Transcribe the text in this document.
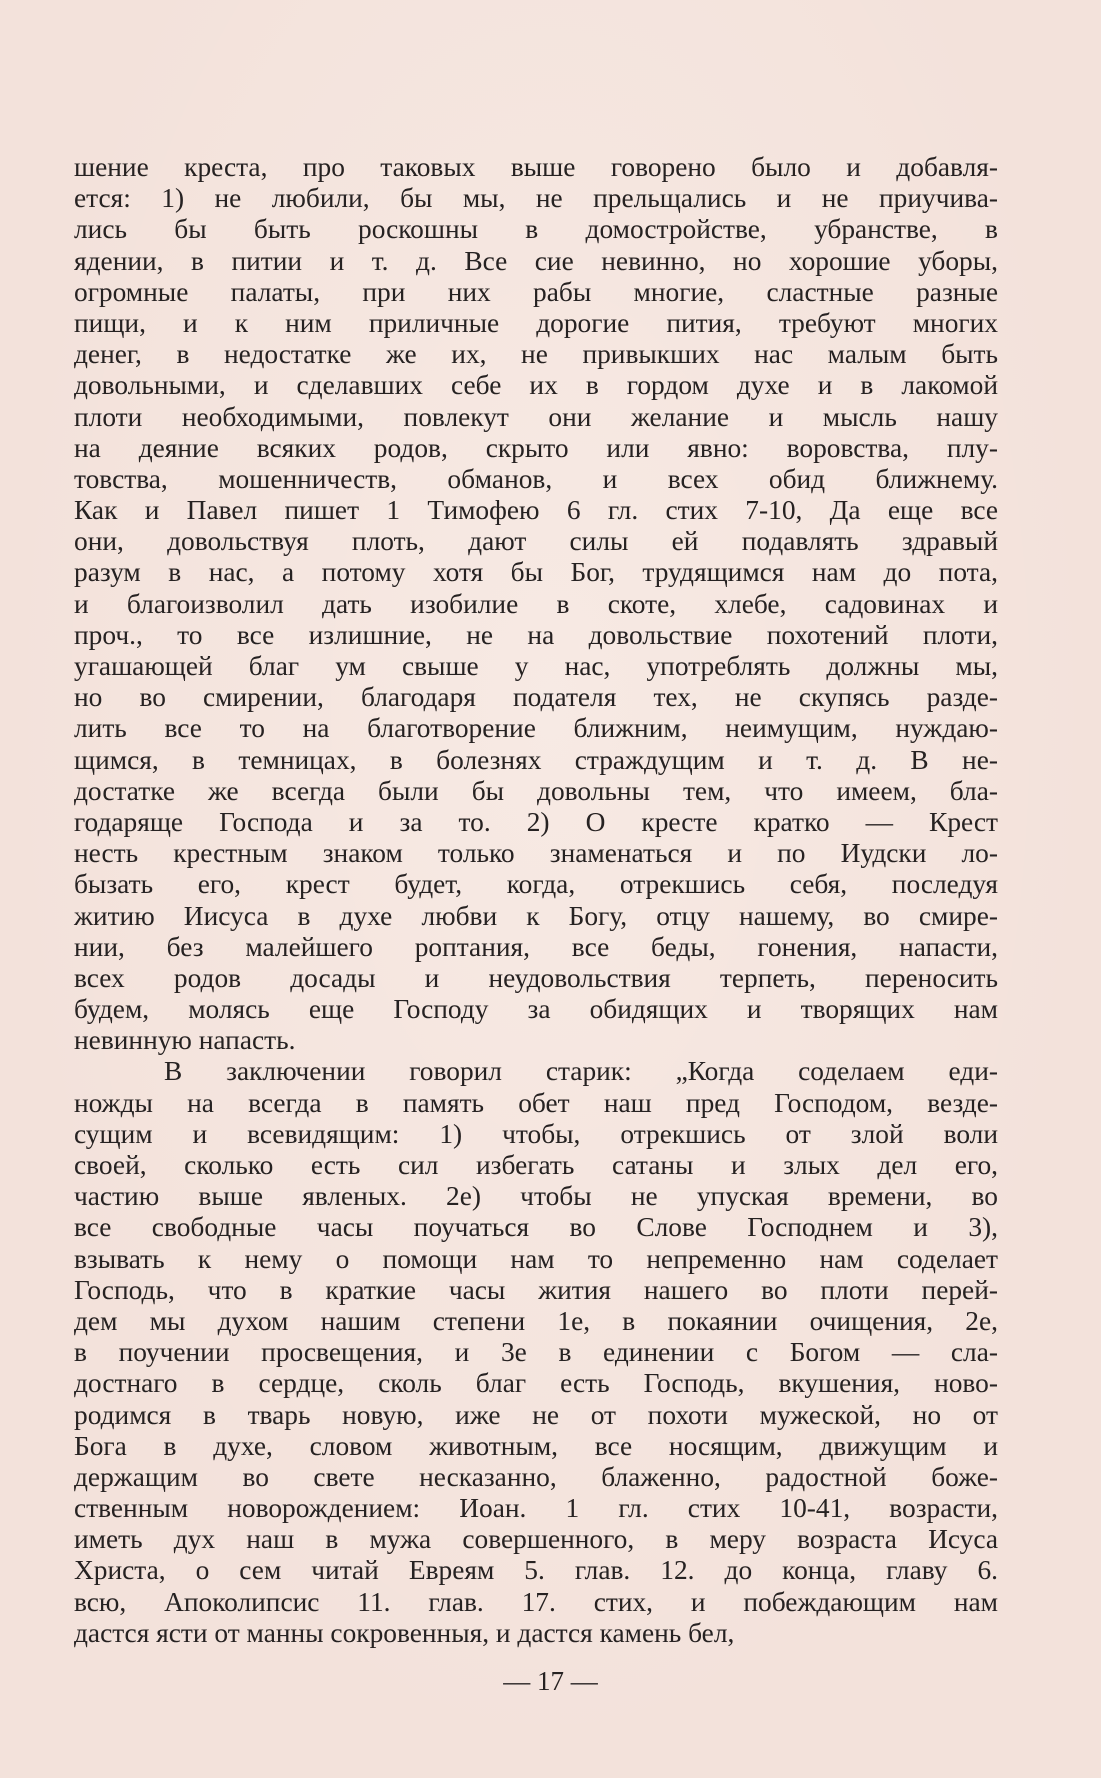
шение креста, про таковых выше говорено было и добавля-
ется: 1) не любили, бы мы, не прельщались и не приучива-
лись бы быть роскошны в домостройстве, убранстве, в
ядении, в питии и т. д. Все сие невинно, но хорошие уборы,
огромные палаты, при них рабы многие, сластные разные
пищи, и к ним приличные дорогие пития, требуют многих
денег, в недостатке же их, не привыкших нас малым быть
довольными, и сделавших себе их в гордом духе и в лакомой
плоти необходимыми, повлекут они желание и мысль нашу
на деяние всяких родов, скрыто или явно: воровства, плу-
товства, мошенничеств, обманов, и всех обид ближнему.
Как и Павел пишет 1 Тимофею 6 гл. стих 7-10, Да еще все
они, довольствуя плоть, дают силы ей подавлять здравый
разум в нас, а потому хотя бы Бог, трудящимся нам до пота,
и благоизволил дать изобилие в скоте, хлебе, садовинах и
проч., то все излишние, не на довольствие похотений плоти,
угашающей благ ум свыше у нас, употреблять должны мы,
но во смирении, благодаря подателя тех, не скупясь разде-
лить все то на благотворение ближним, неимущим, нуждаю-
щимся, в темницах, в болезнях страждущим и т. д. В не-
достатке же всегда были бы довольны тем, что имеем, бла-
годаряще Господа и за то. 2) О кресте кратко — Крест
несть крестным знаком только знаменаться и по Иудски ло-
бызать его, крест будет, когда, отрекшись себя, последуя
житию Иисуса в духе любви к Богу, отцу нашему, во смире-
нии, без малейшего роптания, все беды, гонения, напасти,
всех родов досады и неудовольствия терпеть, переносить
будем, молясь еще Господу за обидящих и творящих нам
невинную напасть.
В заключении говорил старик: „Когда соделаем еди-
ножды на всегда в память обет наш пред Господом, везде-
сущим и всевидящим: 1) чтобы, отрекшись от злой воли
своей, сколько есть сил избегать сатаны и злых дел его,
частию выше явленых. 2е) чтобы не упуская времени, во
все свободные часы поучаться во Слове Господнем и 3),
взывать к нему о помощи нам то непременно нам соделает
Господь, что в краткие часы жития нашего во плоти перей-
дем мы духом нашим степени 1е, в покаянии очищения, 2е,
в поучении просвещения, и 3е в единении с Богом — сла-
достнаго в сердце, сколь благ есть Господь, вкушения, ново-
родимся в тварь новую, иже не от похоти мужеской, но от
Бога в духе, словом животным, все носящим, движущим и
держащим во свете несказанно, блаженно, радостной боже-
ственным новорождением: Иоан. 1 гл. стих 10-41, возрасти,
иметь дух наш в мужа совершенного, в меру возраста Исуса
Христа, о сем читай Евреям 5. глав. 12. до конца, главу 6.
всю, Апоколипсис 11. глав. 17. стих, и побеждающим нам
дастся ясти от манны сокровенныя, и дастся камень бел,
— 17 —
